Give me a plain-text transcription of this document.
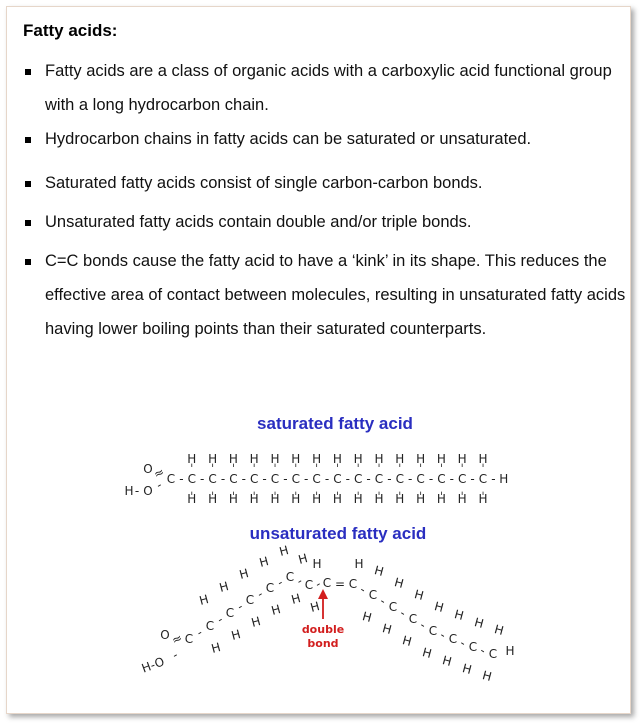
Fatty acids:
Fatty acids are a class of organic acids with a carboxylic acid functional group with a long hydrocarbon chain.
Hydrocarbon chains in fatty acids can be saturated or unsaturated.
Saturated fatty acids consist of single carbon-carbon bonds.
Unsaturated fatty acids contain double and/or triple bonds.
C=C bonds cause the fatty acid to have a ‘kink’ in its shape. This reduces the effective area of contact between molecules, resulting in unsaturated fatty acids having lower boiling points than their saturated counterparts.
saturated fatty acid
O
≈
H - O - C - C -
H
ˈ
H
ˌ
C -
H
ˈ
H
ˌ
C -
H
ˈ
H
ˌ
C -
H
ˈ
H
ˌ
C -
H
ˈ
H
ˌ
C -
H
ˈ
H
ˌ
C -
H
ˈ
H
ˌ
C -
H
ˈ
H
ˌ
C -
H
ˈ
H
ˌ
C -
H
ˈ
H
ˌ
C -
H
ˈ
H
ˌ
C -
H
ˈ
H
ˌ
C -
H
ˈ
H
ˌ
C -
H
ˈ
H
ˌ
C -
H
ˈ
H
ˌ
H
unsaturated fatty acid
O ≈
H-O -
C - C -
H
H
C -
H
H
C -
H
H
C -
H
H
C -
H
H
C -
H
H
C =
H	H
C - C -
H
H
C -
H
H
C -
H
H
C -
H
H
C -
H
H
C -
H
H
C
H
H
H
double
bond
